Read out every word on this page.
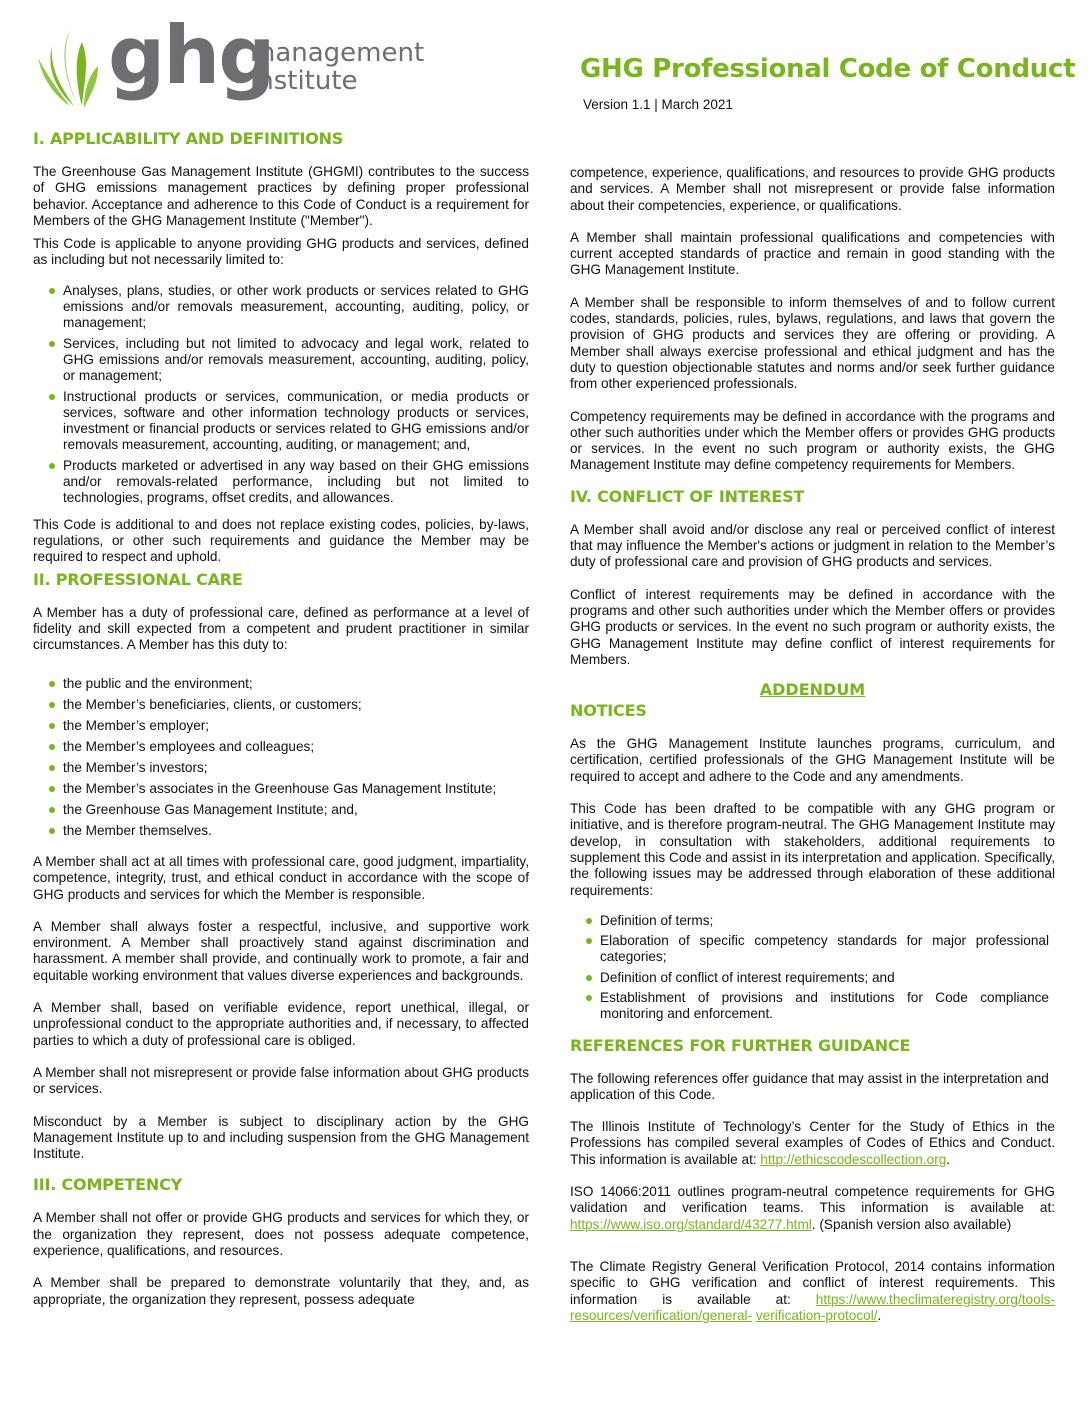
ghg
management
institute	GHG Professional Code of Conduct
Version 1.1 | March 2021
I. APPLICABILITY AND DEFINITIONS

The Greenhouse Gas Management Institute (GHGMI) contributes to the success of GHG emissions management practices by defining proper professional behavior. Acceptance and adherence to this Code of Conduct is a requirement for Members of the GHG Management Institute ("Member").

This Code is applicable to anyone providing GHG products and services, defined as including but not necessarily limited to:

Analyses, plans, studies, or other work products or services related to GHG emissions and/or removals measurement, accounting, auditing, policy, or management;
Services, including but not limited to advocacy and legal work, related to GHG emissions and/or removals measurement, accounting, auditing, policy, or management;
Instructional products or services, communication, or media products or services, software and other information technology products or services, investment or financial products or services related to GHG emissions and/or removals measurement, accounting, auditing, or management; and,
Products marketed or advertised in any way based on their GHG emissions and/or removals-related performance, including but not limited to technologies, programs, offset credits, and allowances.

This Code is additional to and does not replace existing codes, policies, by-laws, regulations, or other such requirements and guidance the Member may be required to respect and uphold.

II. PROFESSIONAL CARE

A Member has a duty of professional care, defined as performance at a level of fidelity and skill expected from a competent and prudent practitioner in similar circumstances. A Member has this duty to:

the public and the environment;
the Member’s beneficiaries, clients, or customers;
the Member’s employer;
the Member’s employees and colleagues;
the Member’s investors;
the Member’s associates in the Greenhouse Gas Management Institute;
the Greenhouse Gas Management Institute; and,
the Member themselves.

A Member shall act at all times with professional care, good judgment, impartiality, competence, integrity, trust, and ethical conduct in accordance with the scope of GHG products and services for which the Member is responsible.

A Member shall always foster a respectful, inclusive, and supportive work environment. A Member shall proactively stand against discrimination and harassment. A member shall provide, and continually work to promote, a fair and equitable working environment that values diverse experiences and backgrounds.

A Member shall, based on verifiable evidence, report unethical, illegal, or unprofessional conduct to the appropriate authorities and, if necessary, to affected parties to which a duty of professional care is obliged.

A Member shall not misrepresent or provide false information about GHG products or services.

Misconduct by a Member is subject to disciplinary action by the GHG Management Institute up to and including suspension from the GHG Management Institute.

III. COMPETENCY

A Member shall not offer or provide GHG products and services for which they, or the organization they represent, does not possess adequate competence, experience, qualifications, and resources.

A Member shall be prepared to demonstrate voluntarily that they, and, as appropriate, the organization they represent, possess adequate

competence, experience, qualifications, and resources to provide GHG products and services. A Member shall not misrepresent or provide false information about their competencies, experience, or qualifications.

A Member shall maintain professional qualifications and competencies with current accepted standards of practice and remain in good standing with the GHG Management Institute.

A Member shall be responsible to inform themselves of and to follow current codes, standards, policies, rules, bylaws, regulations, and laws that govern the provision of GHG products and services they are offering or providing. A Member shall always exercise professional and ethical judgment and has the duty to question objectionable statutes and norms and/or seek further guidance from other experienced professionals.

Competency requirements may be defined in accordance with the programs and other such authorities under which the Member offers or provides GHG products or services. In the event no such program or authority exists, the GHG Management Institute may define competency requirements for Members.

IV. CONFLICT OF INTEREST

A Member shall avoid and/or disclose any real or perceived conflict of interest that may influence the Member's actions or judgment in relation to the Member’s duty of professional care and provision of GHG products and services.

Conflict of interest requirements may be defined in accordance with the programs and other such authorities under which the Member offers or provides GHG products or services. In the event no such program or authority exists, the GHG Management Institute may define conflict of interest requirements for Members.

ADDENDUM
NOTICES

As the GHG Management Institute launches programs, curriculum, and certification, certified professionals of the GHG Management Institute will be required to accept and adhere to the Code and any amendments.

This Code has been drafted to be compatible with any GHG program or initiative, and is therefore program-neutral. The GHG Management Institute may develop, in consultation with stakeholders, additional requirements to supplement this Code and assist in its interpretation and application. Specifically, the following issues may be addressed through elaboration of these additional requirements:

Definition of terms;
Elaboration of specific competency standards for major professional categories;
Definition of conflict of interest requirements; and
Establishment of provisions and institutions for Code compliance monitoring and enforcement.
REFERENCES FOR FURTHER GUIDANCE

The following references offer guidance that may assist in the interpretation and application of this Code.

The Illinois Institute of Technology’s Center for the Study of Ethics in the Professions has compiled several examples of Codes of Ethics and Conduct. This information is available at: http://ethicscodescollection.org.

ISO 14066:2011 outlines program-neutral competence requirements for GHG validation and verification teams. This information is available at: https://www.iso.org/standard/43277.html. (Spanish version also available)

The Climate Registry General Verification Protocol, 2014 contains information specific to GHG verification and conflict of interest requirements. This information is available at: https://www.theclimateregistry.org/tools-resources/verification/general- verification-protocol/.
